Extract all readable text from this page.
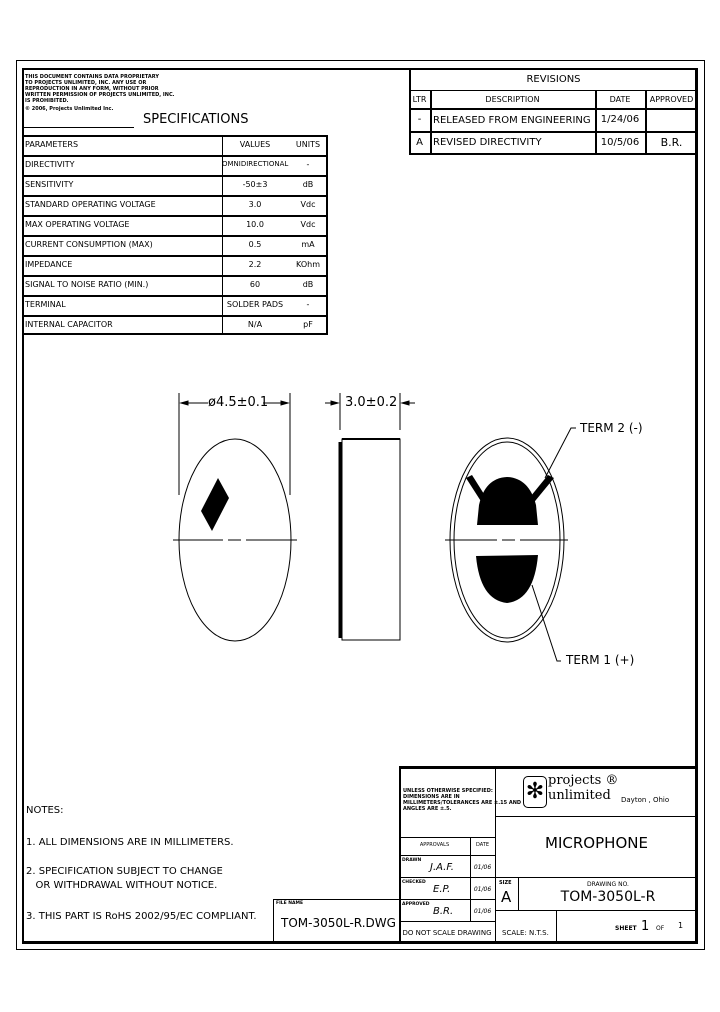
THIS DOCUMENT CONTAINS DATA PROPRIETARY
TO PROJECTS UNLIMITED, INC. ANY USE OR
REPRODUCTION IN ANY FORM, WITHOUT PRIOR
WRITTEN PERMISSION OF PROJECTS UNLIMITED, INC.
IS PROHIBITED.
© 2006, Projects Unlimited Inc.
SPECIFICATIONS
PARAMETERS	VALUES	UNITS
DIRECTIVITY	OMNIDIRECTIONAL	-
SENSITIVITY	-50±3	dB
STANDARD OPERATING VOLTAGE	3.0	Vdc
MAX OPERATING VOLTAGE	10.0	Vdc
CURRENT CONSUMPTION (MAX)	0.5	mA
IMPEDANCE	2.2	KOhm
SIGNAL TO NOISE RATIO (MIN.)	60	dB
TERMINAL	SOLDER PADS	-
INTERNAL CAPACITOR	N/A	pF
REVISIONS
LTR	DESCRIPTION	DATE	APPROVED
-	RELEASED FROM ENGINEERING	1/24/06
A	REVISED DIRECTIVITY	10/5/06	B.R.
ø4.5±0.1	3.0±0.2
TERM 2 (-)
TERM 1 (+)
NOTES:
1. ALL DIMENSIONS ARE IN MILLIMETERS.
2. SPECIFICATION SUBJECT TO CHANGE
OR WITHDRAWAL WITHOUT NOTICE.
3. THIS PART IS RoHS 2002/95/EC COMPLIANT.
UNLESS OTHERWISE SPECIFIED:
DIMENSIONS ARE IN
MILLIMETERS/TOLERANCES ARE ±.15 AND
ANGLES ARE ±.5.
✻ projects ®
unlimited	Dayton , Ohio
MICROPHONE
APPROVALS	DATE
DRAWN
J.A.F.	01/06
CHECKED
E.P.	01/06
APPROVED
B.R.	01/06
DO NOT SCALE DRAWING
SIZE
A
DRAWING NO.
TOM-3050L-R
SCALE: N.T.S.
SHEET 1 OF 1
FILE NAME
TOM-3050L-R.DWG
